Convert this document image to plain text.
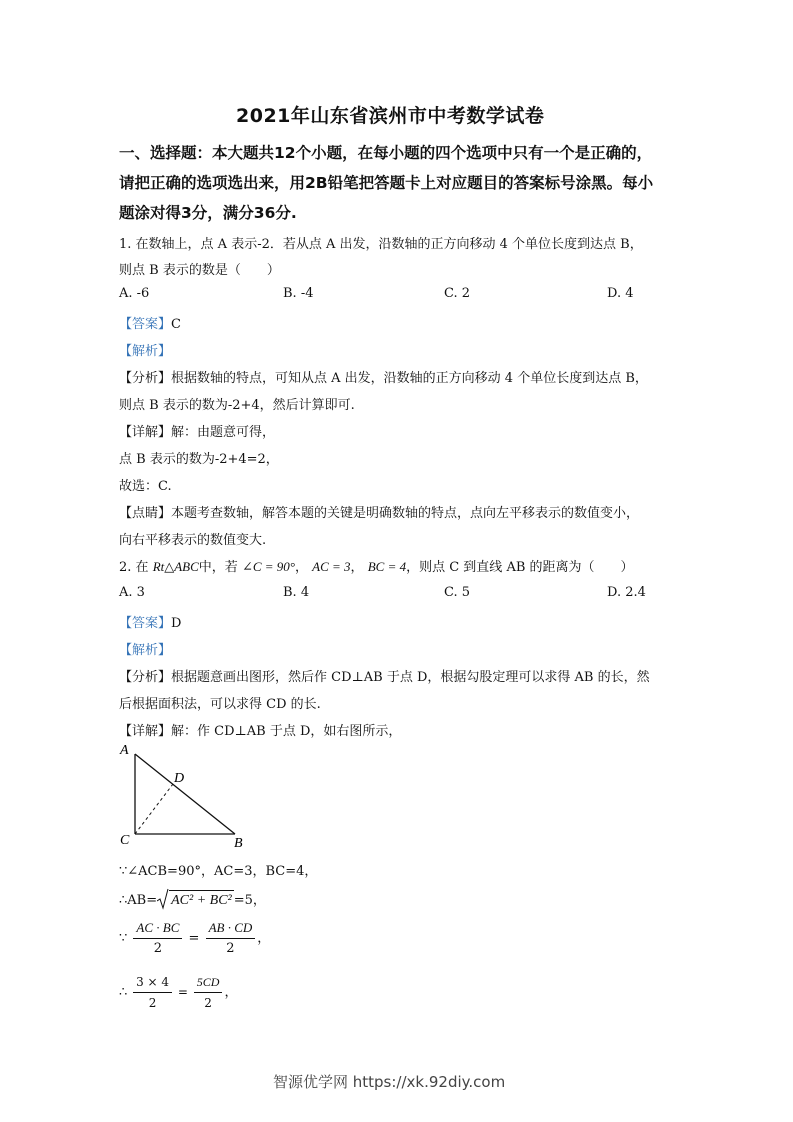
2021年山东省滨州市中考数学试卷
一、选择题：本大题共12个小题，在每小题的四个选项中只有一个是正确的，
请把正确的选项选出来，用2B铅笔把答题卡上对应题目的答案标号涂黑。每小
题涂对得3分，满分36分.
1. 在数轴上，点 A 表示-2．若从点 A 出发，沿数轴的正方向移动 4 个单位长度到达点 B，
则点 B 表示的数是（　　）
A. -6	B. -4	C. 2	D. 4
【答案】C
【解析】
【分析】根据数轴的特点，可知从点 A 出发，沿数轴的正方向移动 4 个单位长度到达点 B，
则点 B 表示的数为-2+4，然后计算即可.
【详解】解：由题意可得，
点 B 表示的数为-2+4=2，
故选：C.
【点睛】本题考查数轴，解答本题的关键是明确数轴的特点，点向左平移表示的数值变小，
向右平移表示的数值变大.
2. 在 Rt△ABC中，若 ∠C = 90°， AC = 3， BC = 4，则点 C 到直线 AB 的距离为（　　）
A. 3	B. 4	C. 5	D. 2.4
【答案】D
【解析】
【分析】根据题意画出图形，然后作 CD⊥AB 于点 D，根据勾股定理可以求得 AB 的长，然
后根据面积法，可以求得 CD 的长.
【详解】解：作 CD⊥AB 于点 D，如右图所示，
A
D
C	B
∵∠ACB=90°，AC=3，BC=4，
∴AB= AC² + BC² =5，
∵ $\frac{AC \cdot BC}{2} = \frac{AB \cdot CD}{2}$ ，
∴ $\frac{3 \times 4}{2} = \frac{5CD}{2}$ ，
智源优学网 https://xk.92diy.com
